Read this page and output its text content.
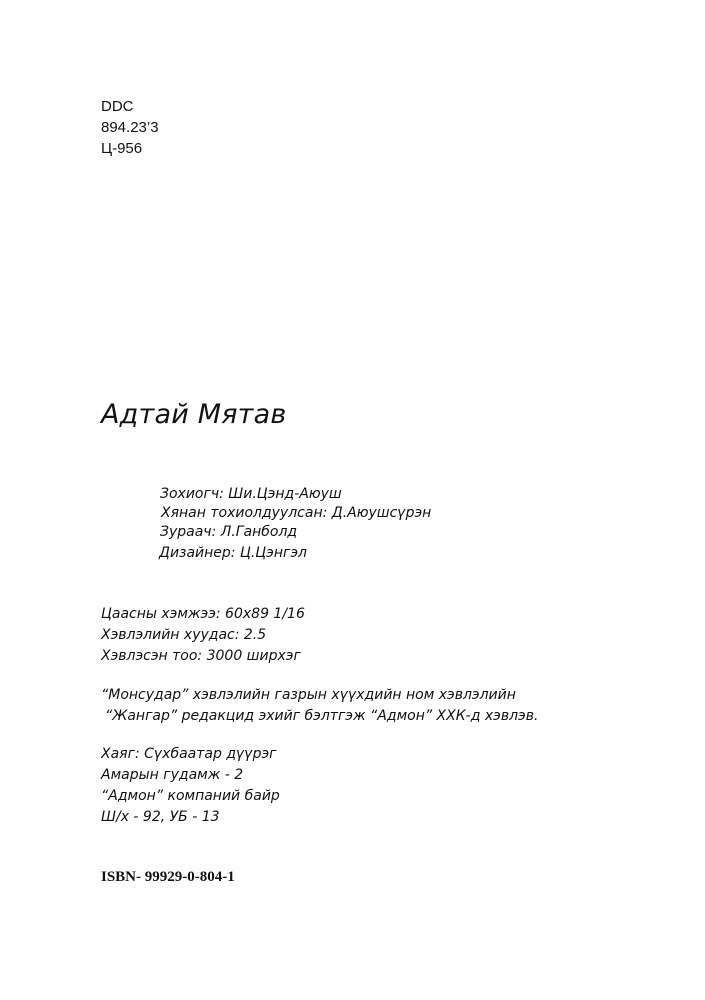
DDC
894.23’3
Ц-956
Адтай Мятав
Зохиогч: Ши.Цэнд-Аюуш
Хянан тохиолдуулсан: Д.Аюушсүрэн
Зураач: Л.Ганболд
Дизайнер: Ц.Цэнгэл
Цаасны хэмжээ: 60х89 1/16
Хэвлэлийн хуудас: 2.5
Хэвлэсэн тоо: 3000 ширхэг
“Монсудар” хэвлэлийн газрын хүүхдийн ном хэвлэлийн
“Жангар” редакцид эхийг бэлтгэж “Адмон” ХХК-д хэвлэв.
Хаяг: Сүхбаатар дүүрэг
Амарын гудамж - 2
“Адмон” компаний байр
Ш/х - 92, УБ - 13
ISBN- 99929-0-804-1
